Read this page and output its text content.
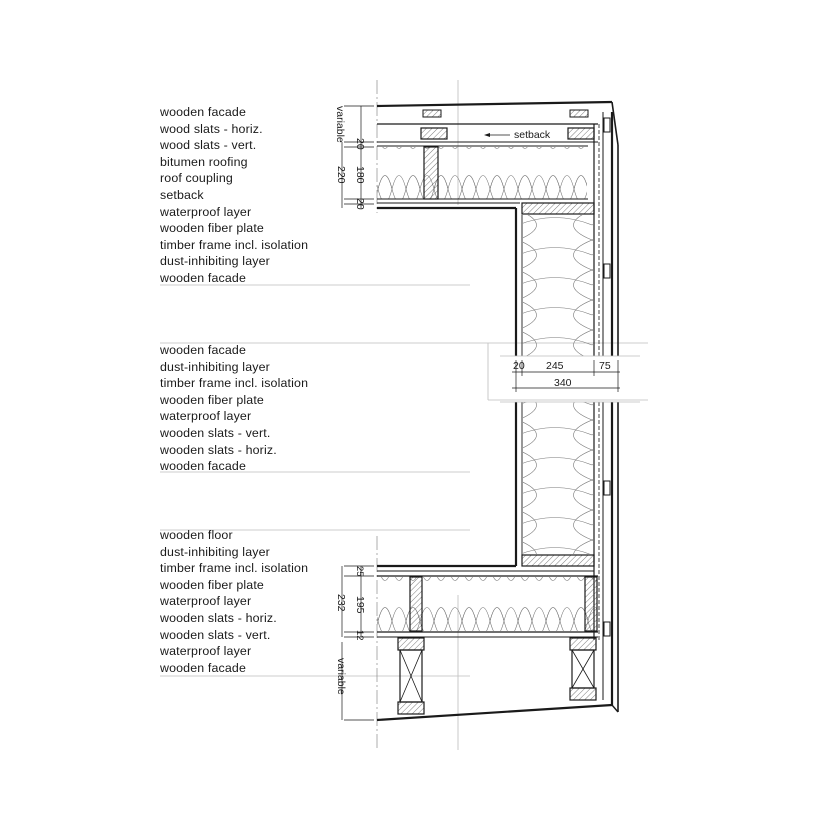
variable
20
180
20
220
setback
20 245	75
340
25
195
12
232
variable
wooden facade
wood slats - horiz.
wood slats - vert.
bitumen roofing
roof coupling
setback
waterproof layer
wooden fiber plate
timber frame incl. isolation
dust-inhibiting layer
wooden facade
wooden facade
dust-inhibiting layer
timber frame incl. isolation
wooden fiber plate
waterproof layer
wooden slats - vert.
wooden slats - horiz.
wooden facade
wooden floor
dust-inhibiting layer
timber frame incl. isolation
wooden fiber plate
waterproof layer
wooden slats - horiz.
wooden slats - vert.
waterproof layer
wooden facade
